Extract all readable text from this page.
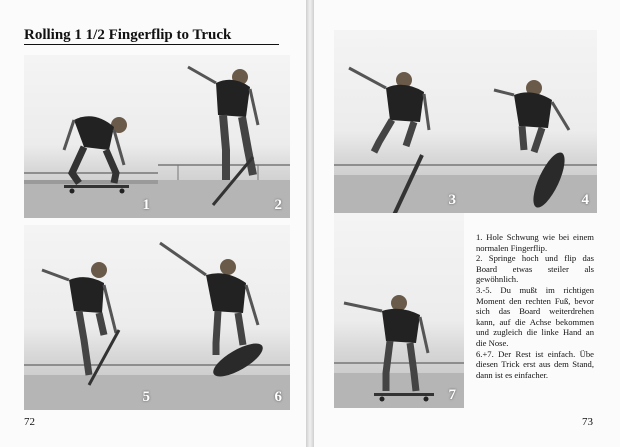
Rolling 1 1/2 Fingerflip to Truck
1	2
5	6
3	4
7

1. Hole Schwung wie bei einem normalen Fingerflip.

2. Springe hoch und flip das Board etwas steiler als gewöhnlich.

3.-5. Du mußt im richtigen Moment den rechten Fuß, bevor sich das Board weiterdrehen kann, auf die Achse bekommen und zugleich die linke Hand an die Nose.

6.+7. Der Rest ist einfach. Übe diesen Trick erst aus dem Stand, dann ist es einfacher.

72	73
